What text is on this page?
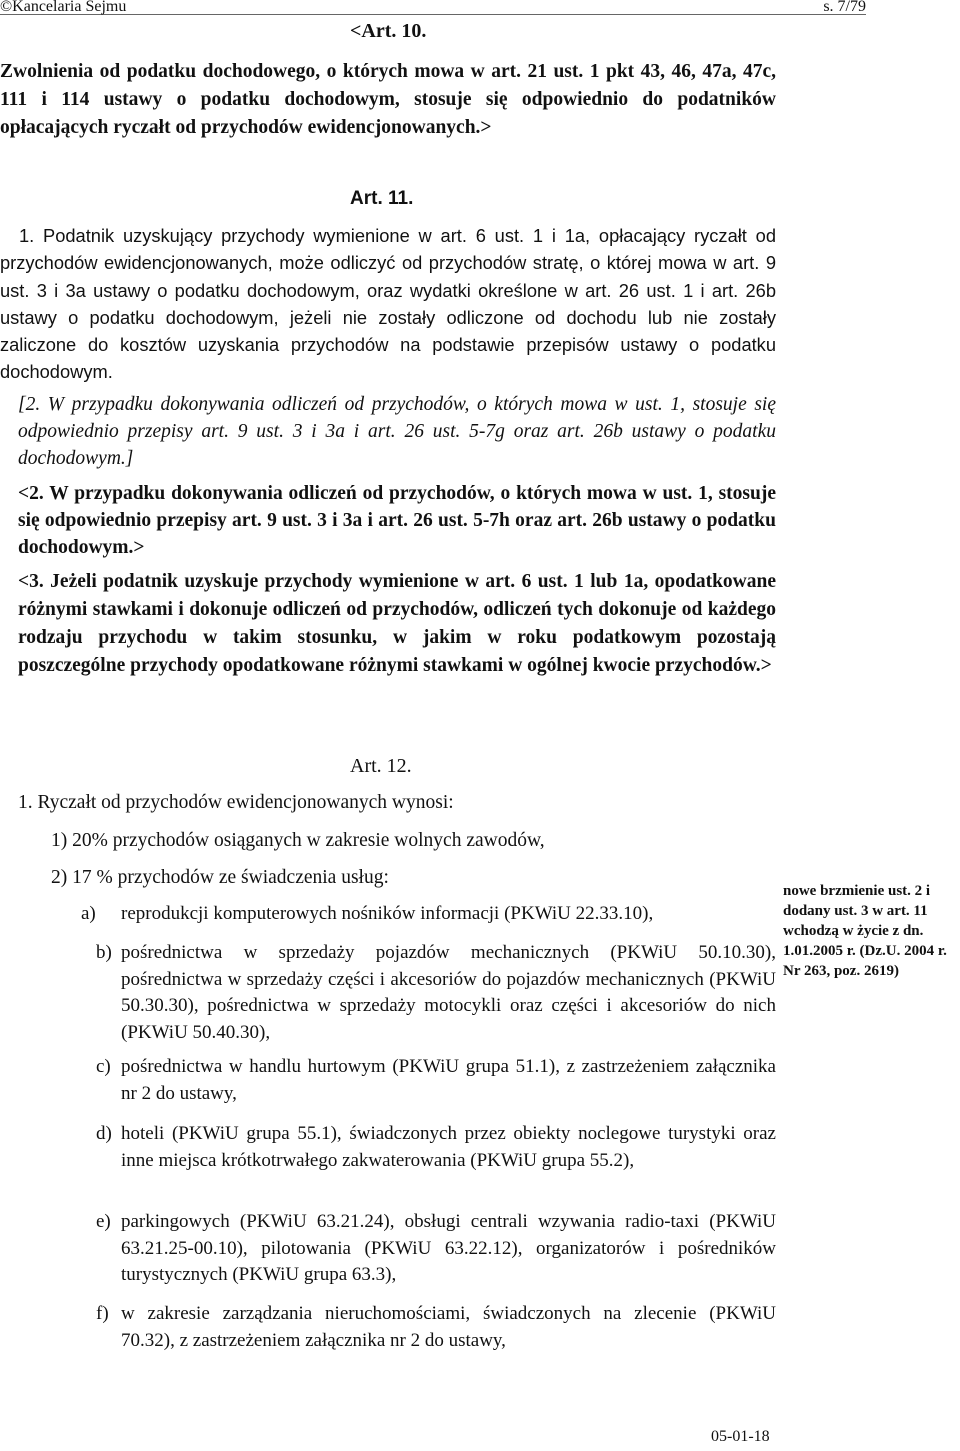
©Kancelaria Sejmu	s. 7/79
<Art. 10.
Zwolnienia od podatku dochodowego, o których mowa w art. 21 ust. 1 pkt 43, 46, 47a, 47c, 111 i 114 ustawy o podatku dochodowym, stosuje się odpowiednio do podatników opłacających ryczałt od przychodów ewidencjonowanych.>
Art. 11.
1. Podatnik uzyskujący przychody wymienione w art. 6 ust. 1 i 1a, opłacający ryczałt od przychodów ewidencjonowanych, może odliczyć od przychodów stratę, o której mowa w art. 9 ust. 3 i 3a ustawy o podatku dochodowym, oraz wydatki określone w art. 26 ust. 1 i art. 26b ustawy o podatku dochodowym, jeżeli nie zostały odliczone od dochodu lub nie zostały zaliczone do kosztów uzyskania przychodów na podstawie przepisów ustawy o podatku dochodowym.
[2. W przypadku dokonywania odliczeń od przychodów, o których mowa w ust. 1, stosuje się odpowiednio przepisy art. 9 ust. 3 i 3a i art. 26 ust. 5-7g oraz art. 26b ustawy o podatku dochodowym.]
<2. W przypadku dokonywania odliczeń od przychodów, o których mowa w ust. 1, stosuje się odpowiednio przepisy art. 9 ust. 3 i 3a i art. 26 ust. 5-7h oraz art. 26b ustawy o podatku dochodowym.>
<3. Jeżeli podatnik uzyskuje przychody wymienione w art. 6 ust. 1 lub 1a, opodatkowane różnymi stawkami i dokonuje odliczeń od przychodów, odliczeń tych dokonuje od każdego rodzaju przychodu w takim stosunku, w jakim w roku podatkowym pozostają poszczególne przychody opodatkowane różnymi stawkami w ogólnej kwocie przychodów.>
Art. 12.
1. Ryczałt od przychodów ewidencjonowanych wynosi:
1) 20% przychodów osiąganych w zakresie wolnych zawodów,
2) 17 % przychodów ze świadczenia usług:
a) reprodukcji komputerowych nośników informacji (PKWiU 22.33.10),
b) pośrednictwa w sprzedaży pojazdów mechanicznych (PKWiU 50.10.30), pośrednictwa w sprzedaży części i akcesoriów do pojazdów mechanicznych (PKWiU 50.30.30), pośrednictwa w sprzedaży motocykli oraz części i akcesoriów do nich (PKWiU 50.40.30),
c) pośrednictwa w handlu hurtowym (PKWiU grupa 51.1), z zastrzeżeniem załącznika nr 2 do ustawy,
d) hoteli (PKWiU grupa 55.1), świadczonych przez obiekty noclegowe turystyki oraz inne miejsca krótkotrwałego zakwaterowania (PKWiU grupa 55.2),
e) parkingowych (PKWiU 63.21.24), obsługi centrali wzywania radio-taxi (PKWiU 63.21.25-00.10), pilotowania (PKWiU 63.22.12), organizatorów i pośredników turystycznych (PKWiU grupa 63.3),
f) w zakresie zarządzania nieruchomościami, świadczonych na zlecenie (PKWiU 70.32), z zastrzeżeniem załącznika nr 2 do ustawy,
nowe brzmienie ust. 2 i dodany ust. 3 w art. 11 wchodzą w życie z dn. 1.01.2005 r. (Dz.U. 2004 r. Nr 263, poz. 2619)
05-01-18
